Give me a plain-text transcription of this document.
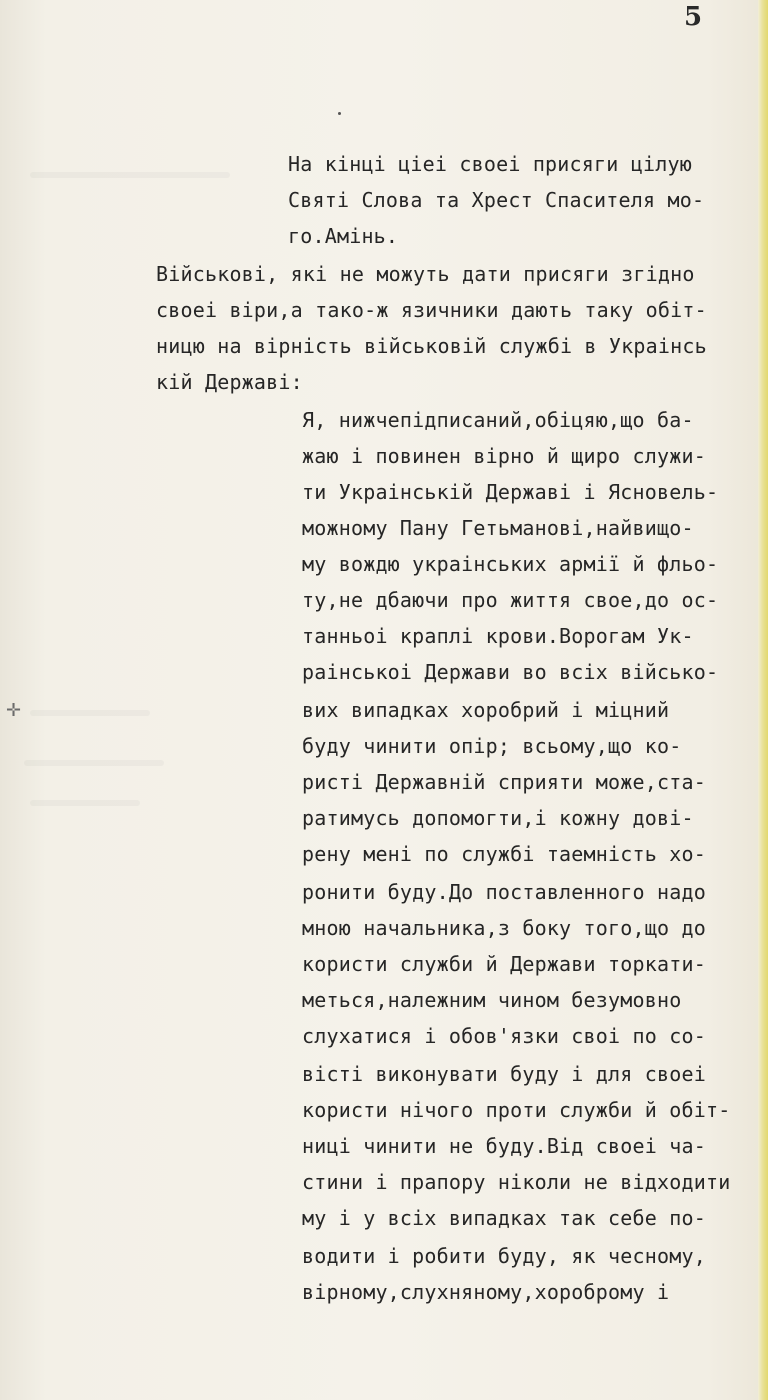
5
✛
На кінці ціеі своеі присяги цілую
Святі Слова та Хрест Спасителя мо-
го.Амінь.
Військові, які не можуть дати присяги згідно
своеі віри,а тако-ж язичники дають таку обіт-
ницю на вірність військовій службі в Украінсь
кій Державі:
Я, нижчепідписаний,обіцяю,що ба-
жаю і повинен вірно й щиро служи-
ти Украінській Державі і Ясновель-
можному Пану Гетьманові,найвищо-
му вождю украінських армії й фльо-
ту,не дбаючи про життя свое,до ос-
танньоі краплі крови.Ворогам Ук-
раінськоі Держави во всіх військо-
вих випадках хоробрий і міцний
буду чинити опір; всьому,що ко-
ристі Державній сприяти може,ста-
ратимусь допомогти,і кожну дові-
рену мені по службі таемність хо-
ронити буду.До поставленного надо
мною начальника,з боку того,що до
користи служби й Держави торкати-
меться,належним чином безумовно
слухатися і обов'язки своі по со-
вісті виконувати буду і для своеі
користи нічого проти служби й обіт-
ниці чинити не буду.Від своеі ча-
стини і прапору ніколи не відходити
му і у всіх випадках так себе по-
водити і робити буду, як чесному,
вірному,слухняному,хороброму і
